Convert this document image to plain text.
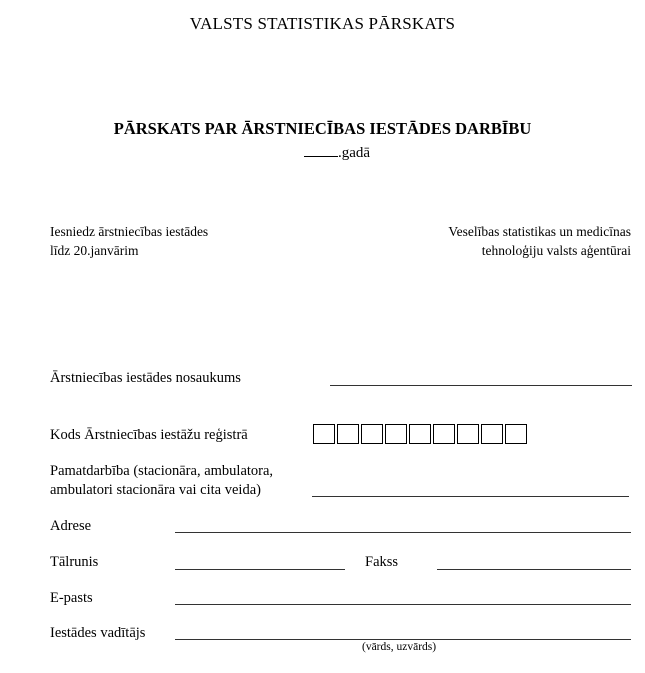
VALSTS STATISTIKAS PĀRSKATS
PĀRSKATS PAR ĀRSTNIECĪBAS IESTĀDES DARBĪBU
.gadā
Iesniedz ārstniecības iestādes
līdz 20.janvārim
Veselības statistikas un medicīnas
tehnoloģiju valsts aģentūrai
Ārstniecības iestādes nosaukums
Kods Ārstniecības iestāžu reģistrā
Pamatdarbība (stacionāra, ambulatora,
ambulatori stacionāra vai cita veida)
Adrese
Tālrunis	Fakss
E-pasts
Iestādes vadītājs
(vārds, uzvārds)
